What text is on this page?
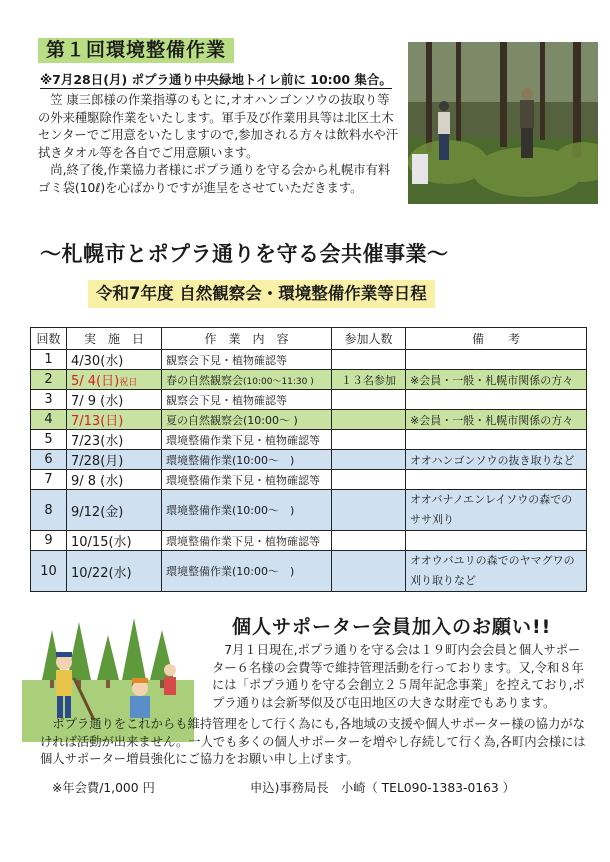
第１回環境整備作業
※7月28日(月) ポプラ通り中央緑地トイレ前に 10:00 集合。

　笠 康三郎様の作業指導のもとに,オオハンゴンソウの抜取り等の外来種駆除作業をいたします。軍手及び作業用具等は北区土木センターでご用意をいたしますので,参加される方々は飲料水や汗拭きタオル等を各自でご用意願います。

　尚,終了後,作業協力者様にポプラ通りを守る会から札幌市有料ゴミ袋(10ℓ)を心ばかりですが進呈をさせていただきます。

〜札幌市とポプラ通りを守る会共催事業〜
令和7年度 自然観察会・環境整備作業等日程
回数	実　施　日	作　業　内　容	参加人数	備　　考
1	4/30(水)	観察会下見・植物確認等		
2	5/ 4(日)祝日	春の自然観察会(10:00〜11:30 )	１３名参加	※会員・一般・札幌市関係の方々
3	7/ 9 (水)	観察会下見・植物確認等		
4	7/13(日)	夏の自然観察会(10:00〜 )		※会員・一般・札幌市関係の方々
5	7/23(水)	環境整備作業下見・植物確認等		
6	7/28(月)	環境整備作業(10:00〜　)		オオハンゴンソウの抜き取りなど
7	9/ 8 (水)	環境整備作業下見・植物確認等		
8	9/12(金)	環境整備作業(10:00〜　)		オオバナノエンレイソウの森でのササ刈り
9	10/15(水)	環境整備作業下見・植物確認等		
10	10/22(水)	環境整備作業(10:00〜　)		オオウバユリの森でのヤマグワの刈り取りなど
個人サポーター会員加入のお願い!!

　7月１日現在,ポプラ通りを守る会は１９町内会会員と個人サポーター６名様の会費等で維持管理活動を行っております。又,令和８年には「ポプラ通りを守る会創立２５周年記念事業」を控えており,ポプラ通りは会新琴似及び屯田地区の大きな財産でもあります。

　ポプラ通りをこれからも維持管理をして行く為にも,各地域の支援や個人サポーター様の協力がなければ活動が出来ません。一人でも多くの個人サポーターを増やし存続して行く為,各町内会様には個人サポーター増員強化にご協力をお願い申し上げます。

※年会費/1,000 円	申込)事務局長　小崎（ TEL090-1383-0163 ）
